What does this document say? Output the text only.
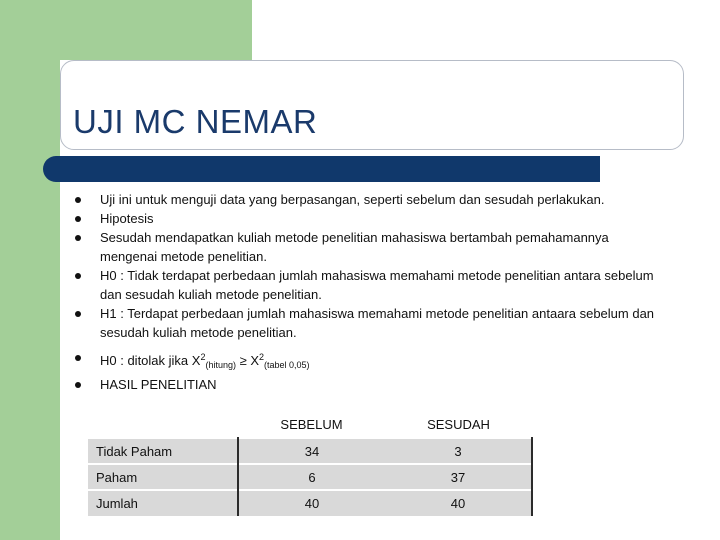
UJI MC NEMAR
Uji ini untuk menguji data yang berpasangan, seperti sebelum dan sesudah perlakukan.
Hipotesis
Sesudah mendapatkan kuliah metode penelitian mahasiswa bertambah pemahamannya mengenai metode penelitian.
H0 : Tidak terdapat perbedaan jumlah mahasiswa memahami metode penelitian antara sebelum dan sesudah kuliah metode penelitian.
H1 : Terdapat perbedaan jumlah mahasiswa memahami metode penelitian antaara sebelum dan sesudah kuliah metode penelitian.
H0 : ditolak jika $X^2_{(hitung)} \ge X^2_{(tabel 0,05)}$
HASIL PENELITIAN
	SEBELUM	SESUDAH
Tidak Paham	34	3
Paham	6	37
Jumlah	40	40
